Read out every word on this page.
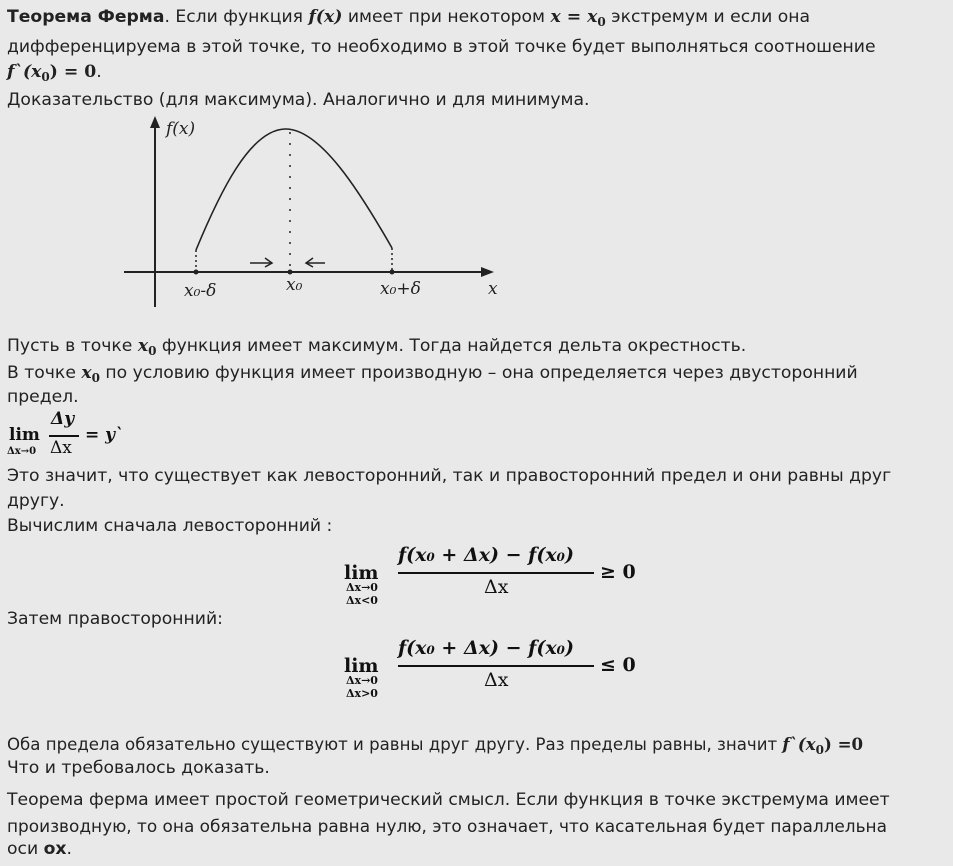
Теорема Ферма. Если функция f(x) имеет при некотором $x = x_0$ экстремум и если она
дифференцируема в этой точке, то необходимо в этой точке будет выполняться соотношение
$f`(x_0) = 0$.
Доказательство (для максимума). Аналогично и для минимума.
f(x)
x
x₀-δ	x₀	x₀+δ
Пусть в точке $x_0$ функция имеет максимум. Тогда найдется дельта окрестность.
В точке $x_0$ по условию функция имеет производную – она определяется через двусторонний
предел.
lim
Δx→0
Δy
Δx
= y`
Это значит, что существует как левосторонний, так и правосторонний предел и они равны друг
другу.
Вычислим сначала левосторонний :
lim
Δx→0
Δx<0
f(x₀ + Δx) − f(x₀)
Δx
≥ 0
Затем правосторонний:
lim
Δx→0
Δx>0
f(x₀ + Δx) − f(x₀)
Δx
≤ 0
Оба предела обязательно существуют и равны друг другу. Раз пределы равны, значит $f`(x_0) =0$
Что и требовалось доказать.
Теорема ферма имеет простой геометрический смысл. Если функция в точке экстремума имеет
производную, то она обязательна равна нулю, это означает, что касательная будет параллельна
оси ox.
